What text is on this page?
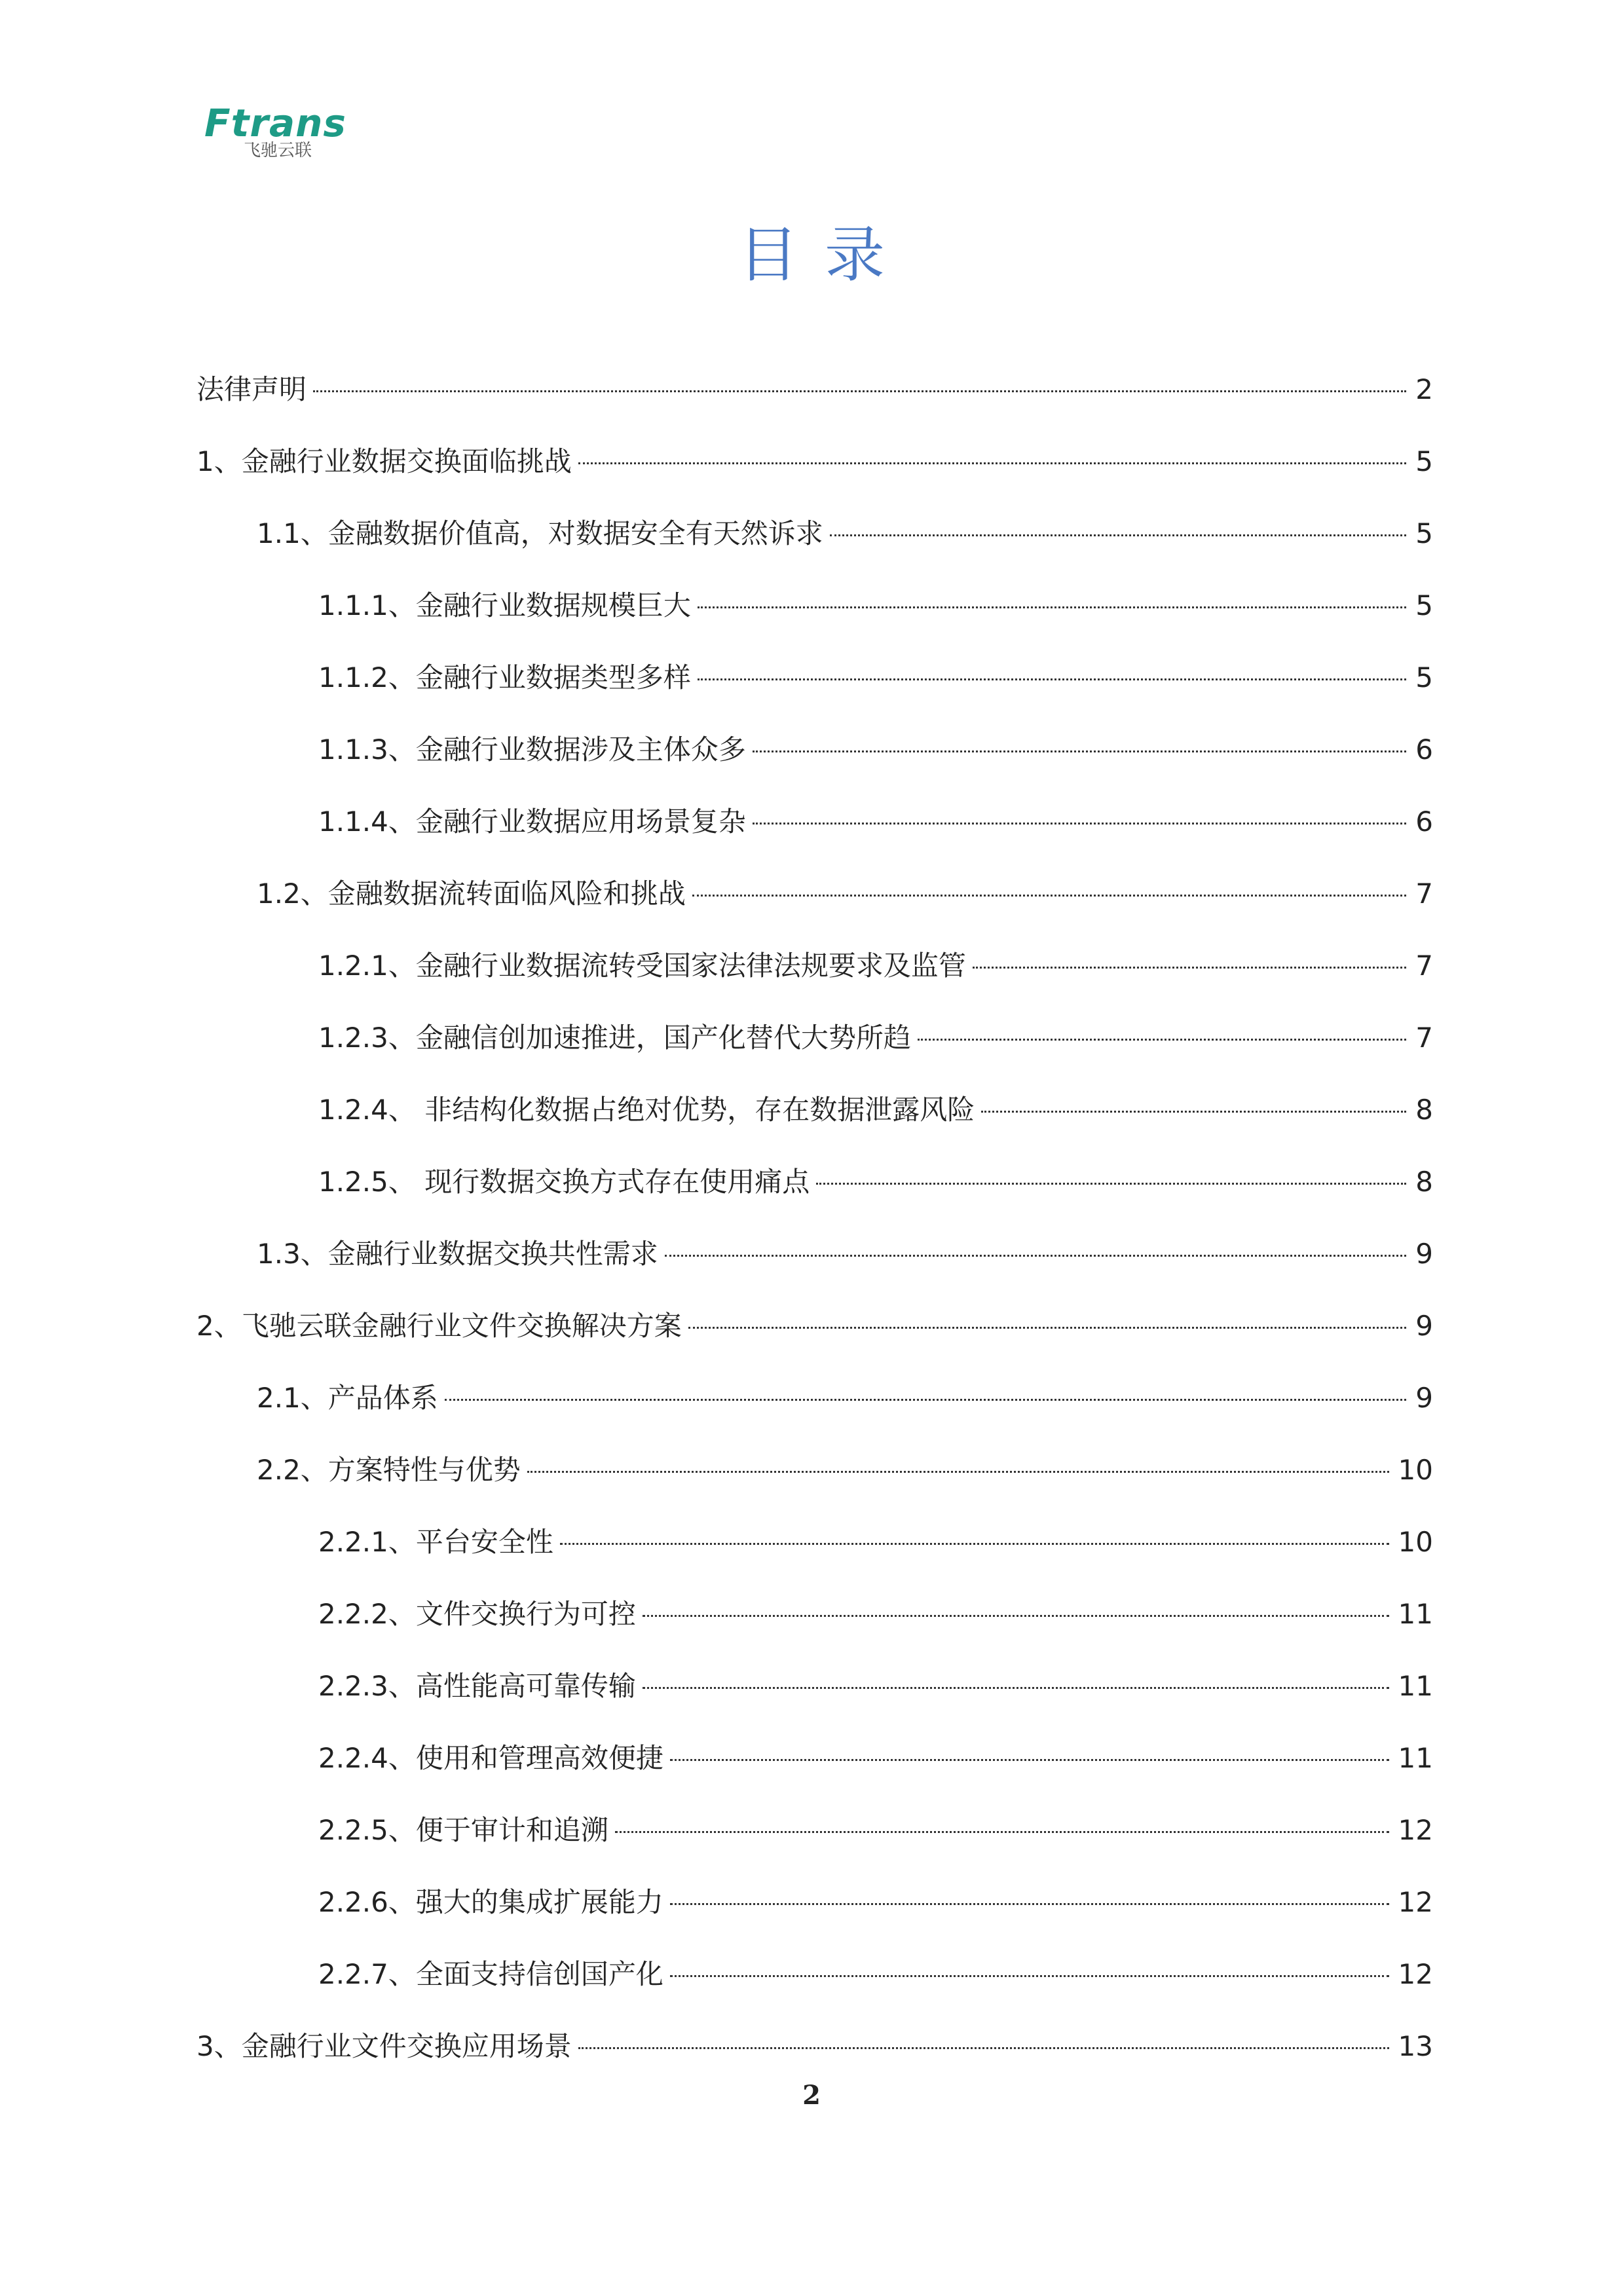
Ftrans
飞驰云联
目录
法律声明	2
1、金融行业数据交换面临挑战	5
1.1、金融数据价值高，对数据安全有天然诉求	5
1.1.1、金融行业数据规模巨大	5
1.1.2、金融行业数据类型多样	5
1.1.3、金融行业数据涉及主体众多	6
1.1.4、金融行业数据应用场景复杂	6
1.2、金融数据流转面临风险和挑战	7
1.2.1、金融行业数据流转受国家法律法规要求及监管	7
1.2.3、金融信创加速推进，国产化替代大势所趋	7
1.2.4、 非结构化数据占绝对优势，存在数据泄露风险	8
1.2.5、 现行数据交换方式存在使用痛点	8
1.3、金融行业数据交换共性需求	9
2、飞驰云联金融行业文件交换解决方案	9
2.1、产品体系	9
2.2、方案特性与优势	10
2.2.1、平台安全性	10
2.2.2、文件交换行为可控	11
2.2.3、高性能高可靠传输	11
2.2.4、使用和管理高效便捷	11
2.2.5、便于审计和追溯	12
2.2.6、强大的集成扩展能力	12
2.2.7、全面支持信创国产化	12
3、金融行业文件交换应用场景	13
2
